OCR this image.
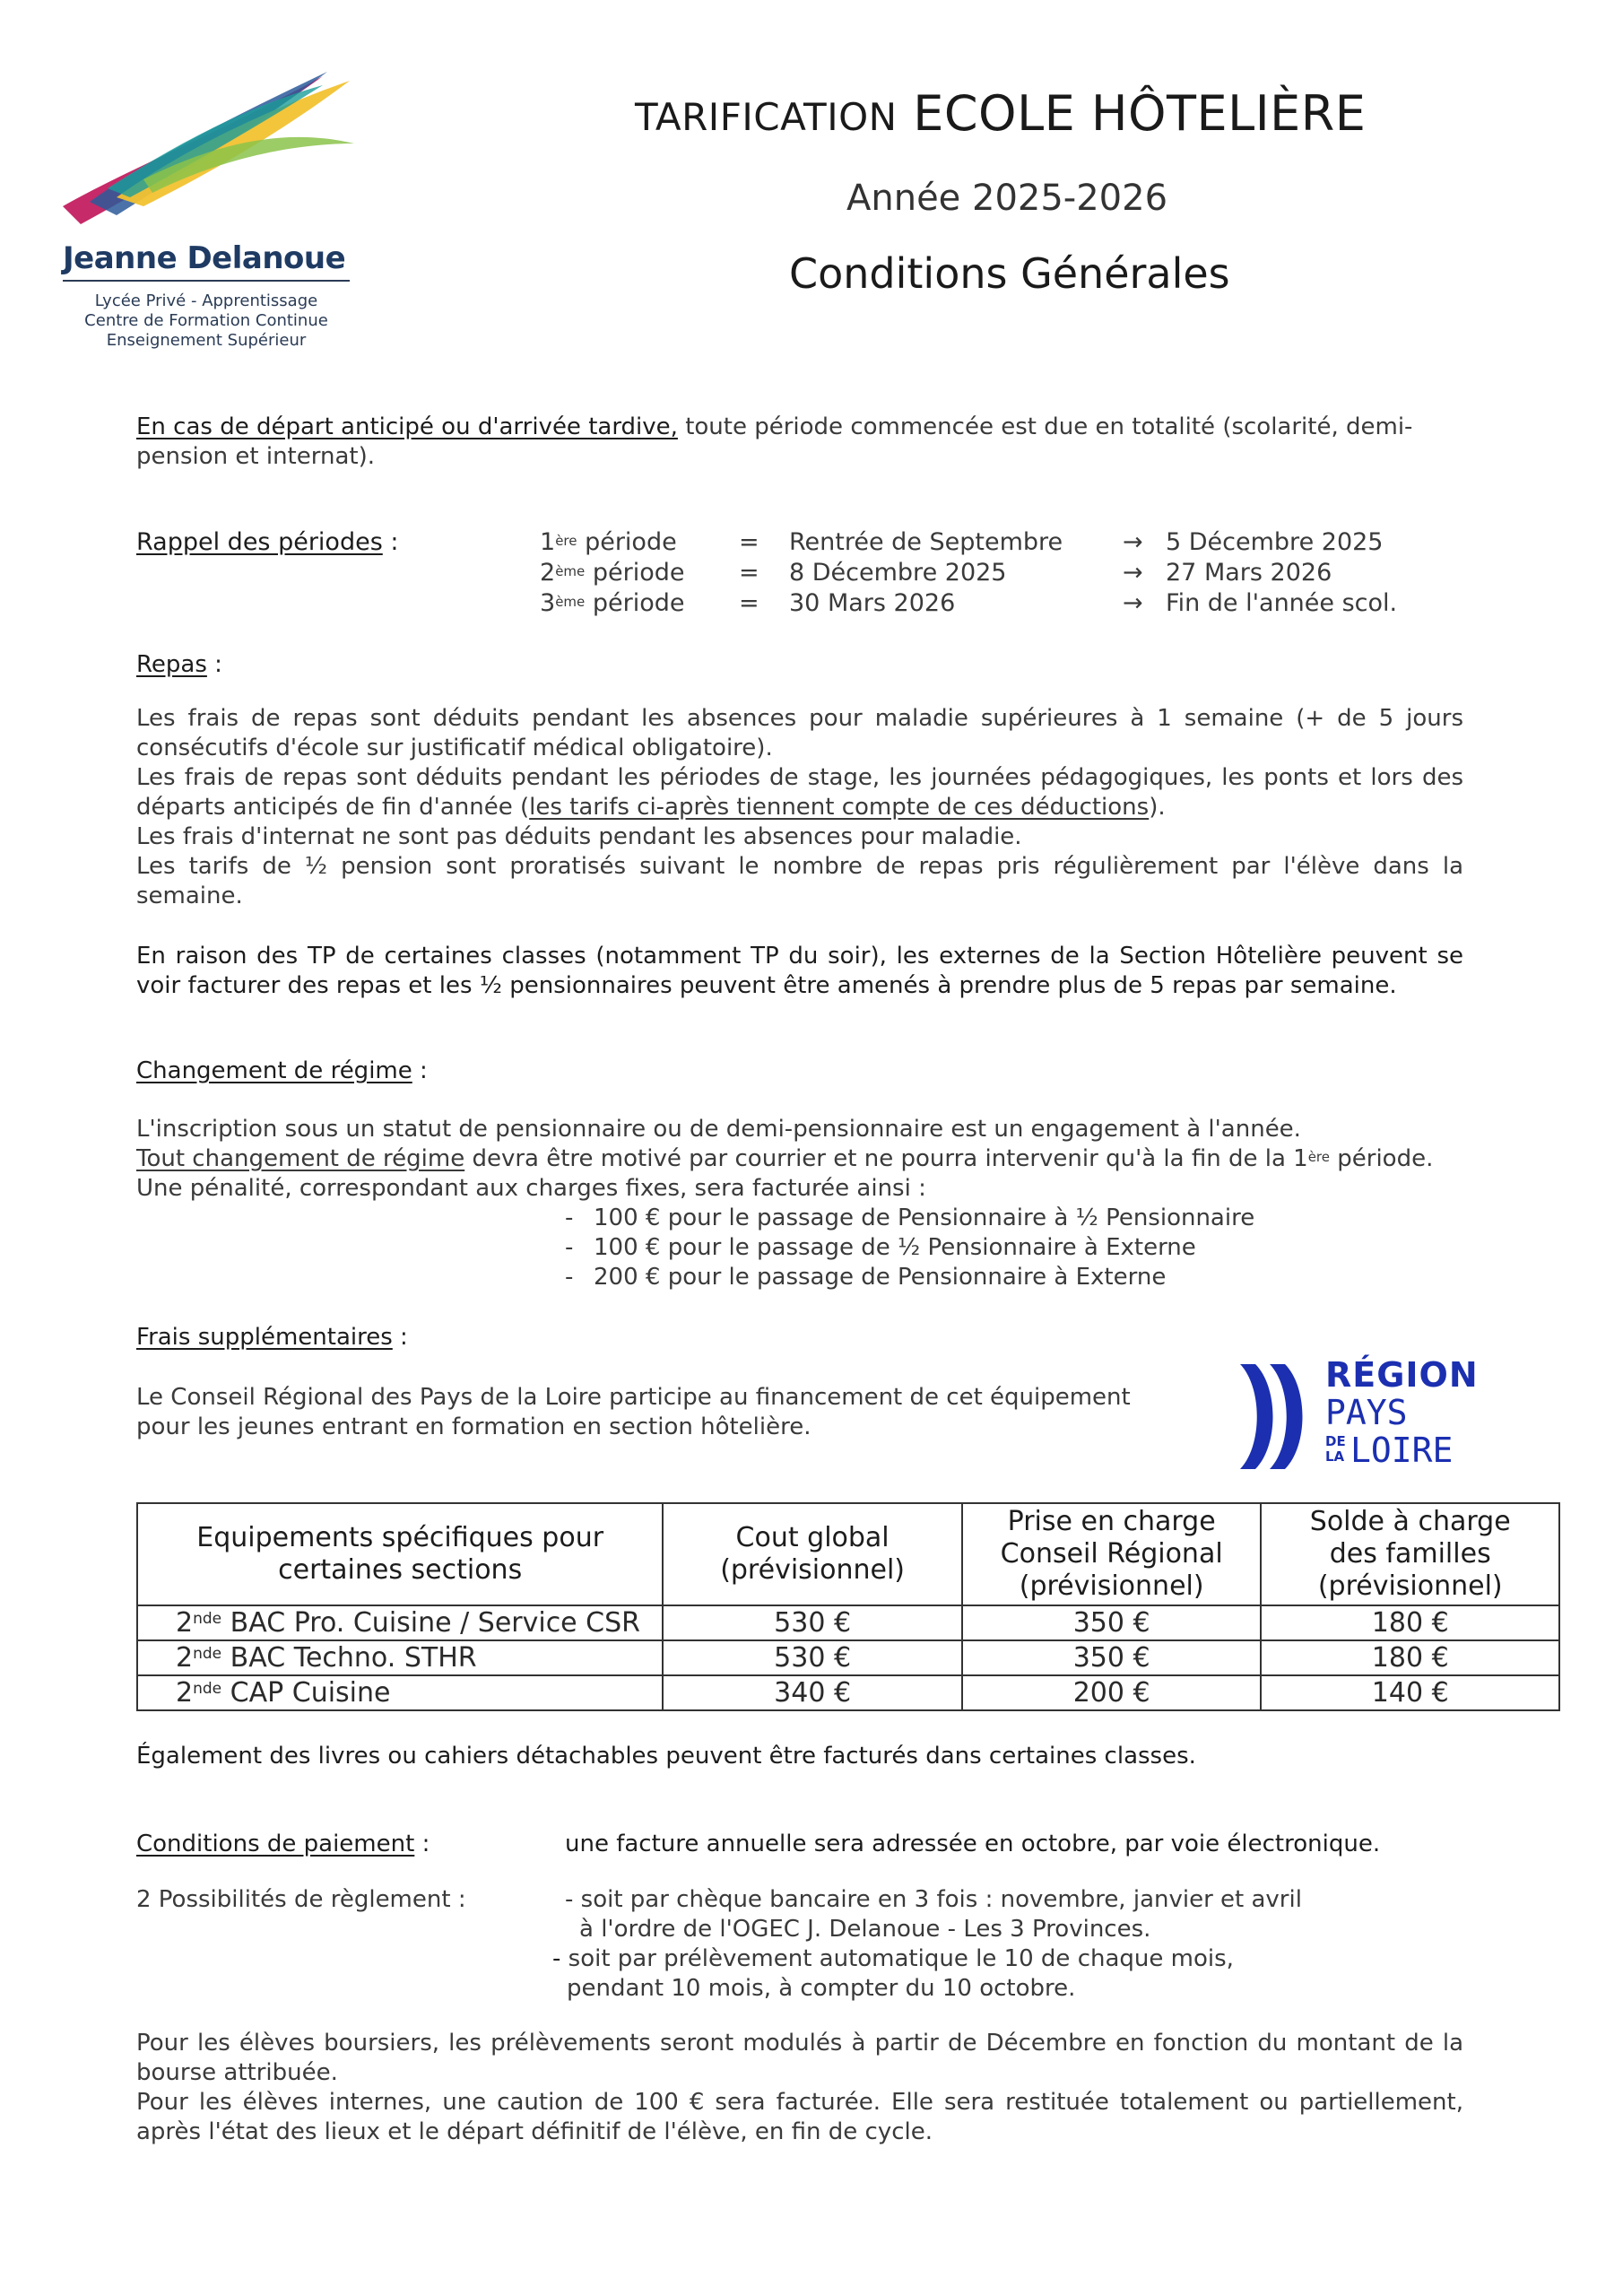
Jeanne Delanoue
Lycée Privé - Apprentissage
Centre de Formation Continue
Enseignement Supérieur
TARIFICATION ECOLE HÔTELIÈRE
Année 2025-2026
Conditions Générales
En cas de départ anticipé ou d'arrivée tardive, toute période commencée est due en totalité (scolarité, demi-
pension et internat).
Rappel des périodes :	1ère période	= Rentrée de Septembre → 5 Décembre 2025
2ème période = 8 Décembre 2025	→ 27 Mars 2026
3ème période = 30 Mars 2026	→ Fin de l'année scol.
Repas :
Les frais de repas sont déduits pendant les absences pour maladie supérieures à 1 semaine (+ de 5 jours consécutifs d'école sur justificatif médical obligatoire).
Les frais de repas sont déduits pendant les périodes de stage, les journées pédagogiques, les ponts et lors des départs anticipés de fin d'année (les tarifs ci-après tiennent compte de ces déductions).
Les frais d'internat ne sont pas déduits pendant les absences pour maladie.
Les tarifs de ½ pension sont proratisés suivant le nombre de repas pris régulièrement par l'élève dans la semaine.
En raison des TP de certaines classes (notamment TP du soir), les externes de la Section Hôtelière peuvent se voir facturer des repas et les ½ pensionnaires peuvent être amenés à prendre plus de 5 repas par semaine.
Changement de régime :
L'inscription sous un statut de pensionnaire ou de demi-pensionnaire est un engagement à l'année.
Tout changement de régime devra être motivé par courrier et ne pourra intervenir qu'à la fin de la 1ère période.
Une pénalité, correspondant aux charges fixes, sera facturée ainsi :
- 100 € pour le passage de Pensionnaire à ½ Pensionnaire
- 100 € pour le passage de ½ Pensionnaire à Externe
- 200 € pour le passage de Pensionnaire à Externe
Frais supplémentaires :
Le Conseil Régional des Pays de la Loire participe au financement de cet équipement
pour les jeunes entrant en formation en section hôtelière.
RÉGION
PAYS
DE
LA LOIRE
Equipements spécifiques pour certaines sections	Cout global (prévisionnel)	Prise en charge Conseil Régional (prévisionnel)	Solde à charge des familles (prévisionnel)

2nde BAC Pro. Cuisine / Service CSR	530 €	350 €	180 €
2nde BAC Techno. STHR	530 €	350 €	180 €
2nde CAP Cuisine	340 €	200 €	140 €
Également des livres ou cahiers détachables peuvent être facturés dans certaines classes.
Conditions de paiement :	une facture annuelle sera adressée en octobre, par voie électronique.
2 Possibilités de règlement :	- soit par chèque bancaire en 3 fois : novembre, janvier et avril
à l'ordre de l'OGEC J. Delanoue - Les 3 Provinces.
- soit par prélèvement automatique le 10 de chaque mois,
pendant 10 mois, à compter du 10 octobre.
Pour les élèves boursiers, les prélèvements seront modulés à partir de Décembre en fonction du montant de la bourse attribuée.
Pour les élèves internes, une caution de 100 € sera facturée. Elle sera restituée totalement ou partiellement, après l'état des lieux et le départ définitif de l'élève, en fin de cycle.
